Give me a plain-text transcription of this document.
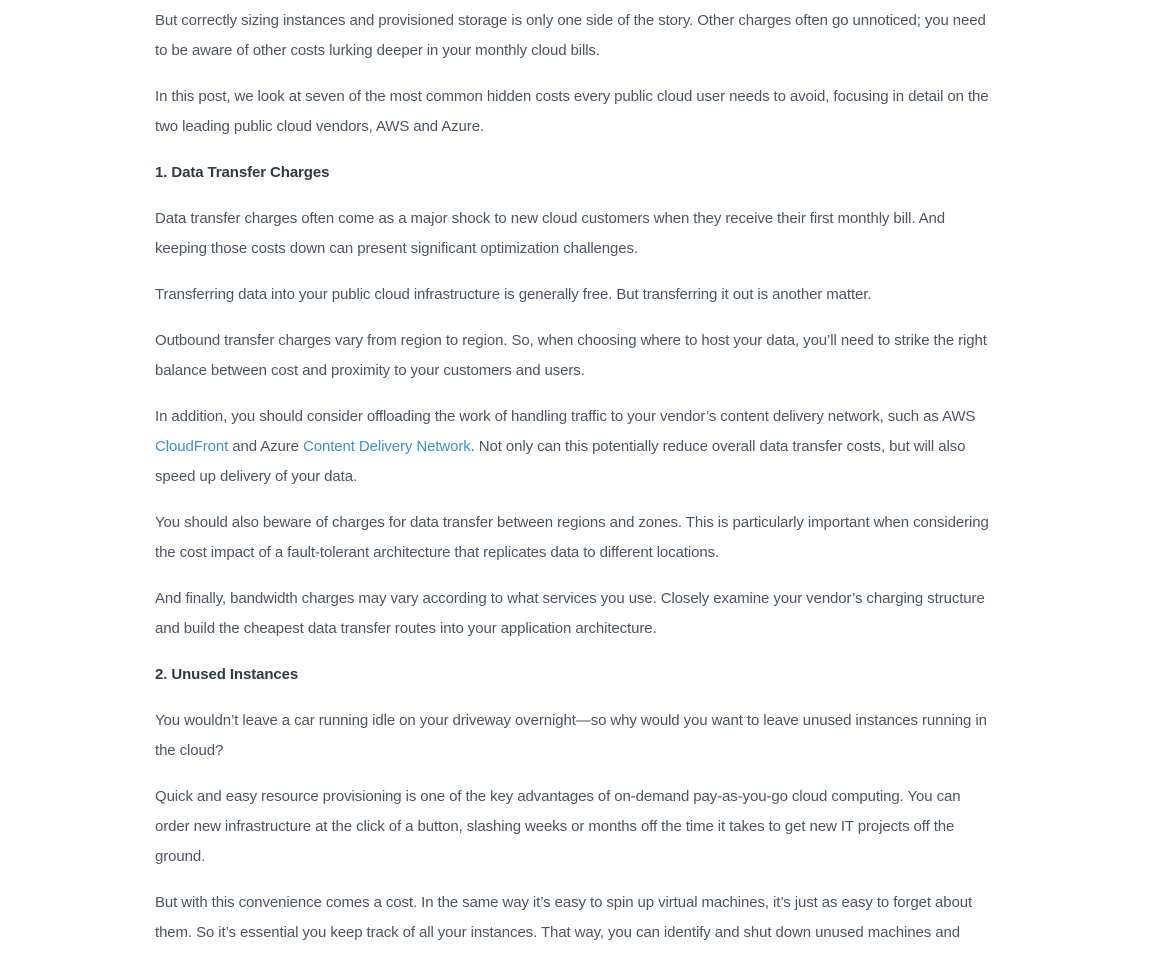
But correctly sizing instances and provisioned storage is only one side of the story. Other charges often go unnoticed; you need to be aware of other costs lurking deeper in your monthly cloud bills.

In this post, we look at seven of the most common hidden costs every public cloud user needs to avoid, focusing in detail on the two leading public cloud vendors, AWS and Azure.

1. Data Transfer Charges

Data transfer charges often come as a major shock to new cloud customers when they receive their first monthly bill. And keeping those costs down can present significant optimization challenges.

Transferring data into your public cloud infrastructure is generally free. But transferring it out is another matter.

Outbound transfer charges vary from region to region. So, when choosing where to host your data, you’ll need to strike the right balance between cost and proximity to your customers and users.

In addition, you should consider offloading the work of handling traffic to your vendor’s content delivery network, such as AWS CloudFront and Azure Content Delivery Network. Not only can this potentially reduce overall data transfer costs, but will also speed up delivery of your data.

You should also beware of charges for data transfer between regions and zones. This is particularly important when considering the cost impact of a fault-tolerant architecture that replicates data to different locations.

And finally, bandwidth charges may vary according to what services you use. Closely examine your vendor’s charging structure and build the cheapest data transfer routes into your application architecture.

2. Unused Instances

You wouldn’t leave a car running idle on your driveway overnight—so why would you want to leave unused instances running in the cloud?

Quick and easy resource provisioning is one of the key advantages of on-demand pay-as-you-go cloud computing. You can order new infrastructure at the click of a button, slashing weeks or months off the time it takes to get new IT projects off the ground.

But with this convenience comes a cost. In the same way it’s easy to spin up virtual machines, it’s just as easy to forget about them. So it’s essential you keep track of all your instances. That way, you can identify and shut down unused machines and
